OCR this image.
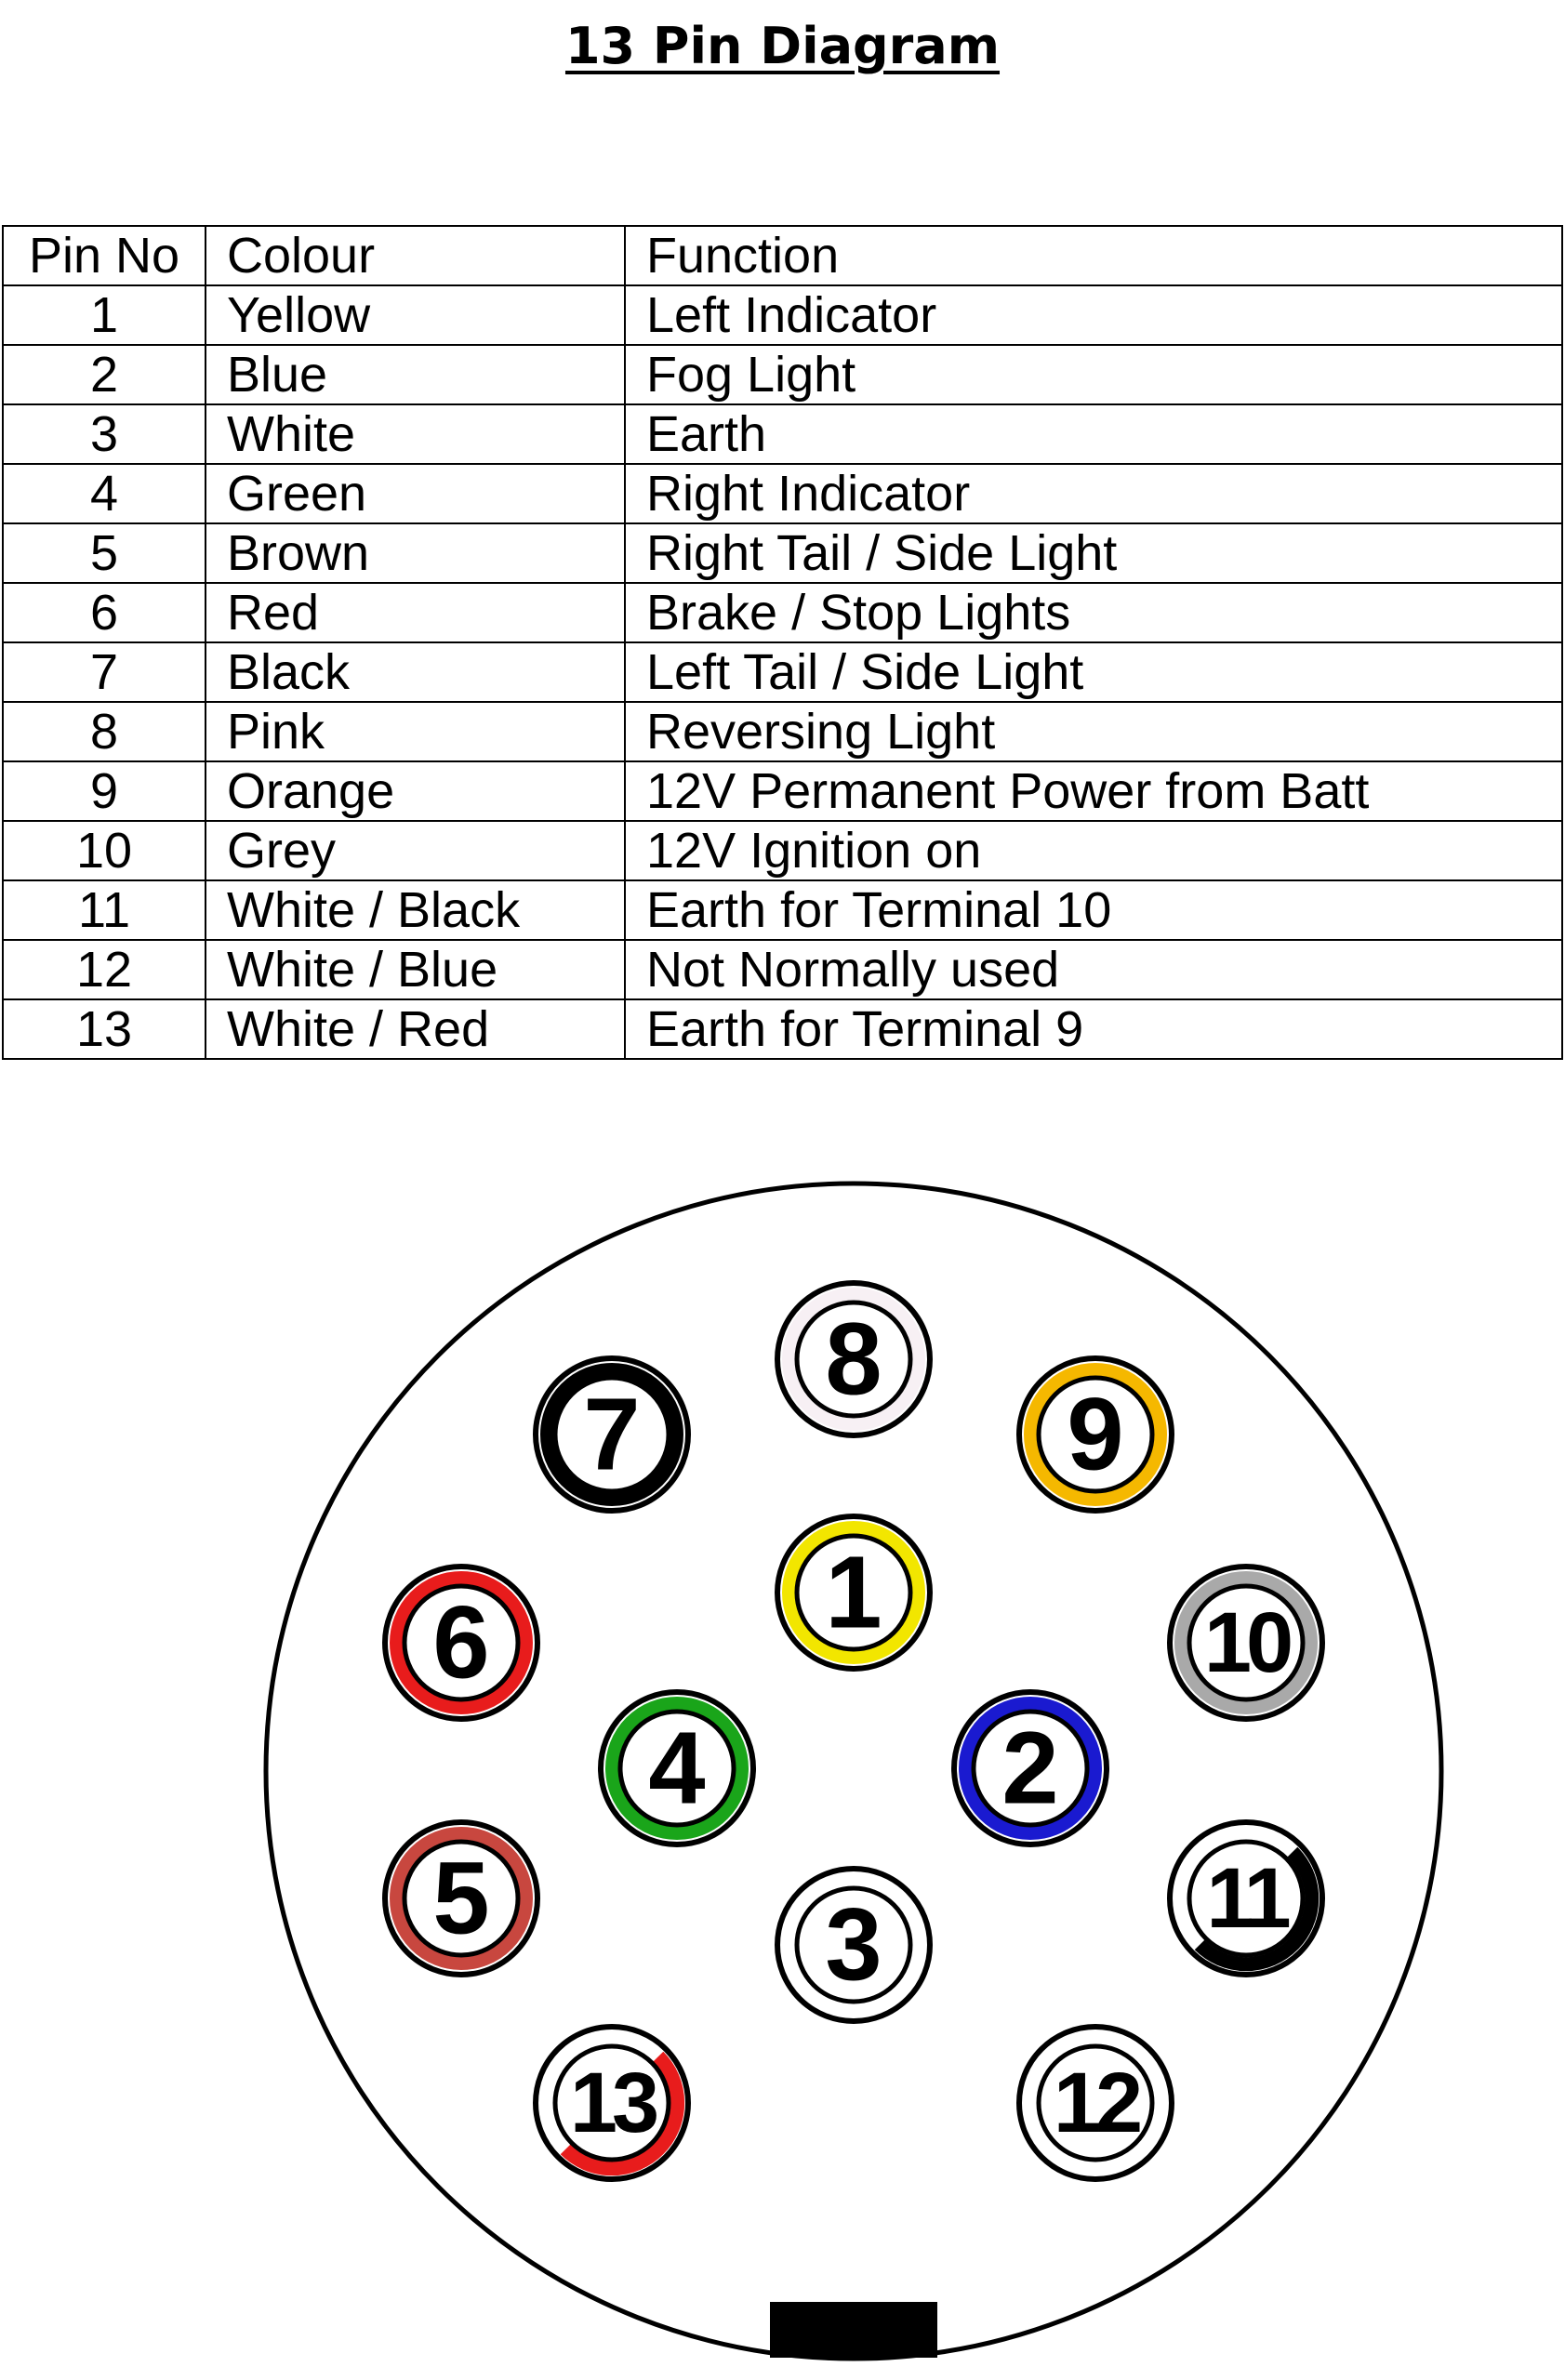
13 Pin Diagram
Pin No	Colour	Function
1	Yellow	Left Indicator
2	Blue	Fog Light
3	White	Earth
4	Green	Right Indicator
5	Brown	Right Tail / Side Light
6	Red	Brake / Stop Lights
7	Black	Left Tail / Side Light
8	Pink	Reversing Light
9	Orange	12V Permanent Power from Batt
10	Grey	12V Ignition on
11	White / Black	Earth for Terminal 10
12	White / Blue	Not Normally used
13	White / Red	Earth for Terminal 9
1
2
3
4
5
6
7
8
9
10
11
12
13
